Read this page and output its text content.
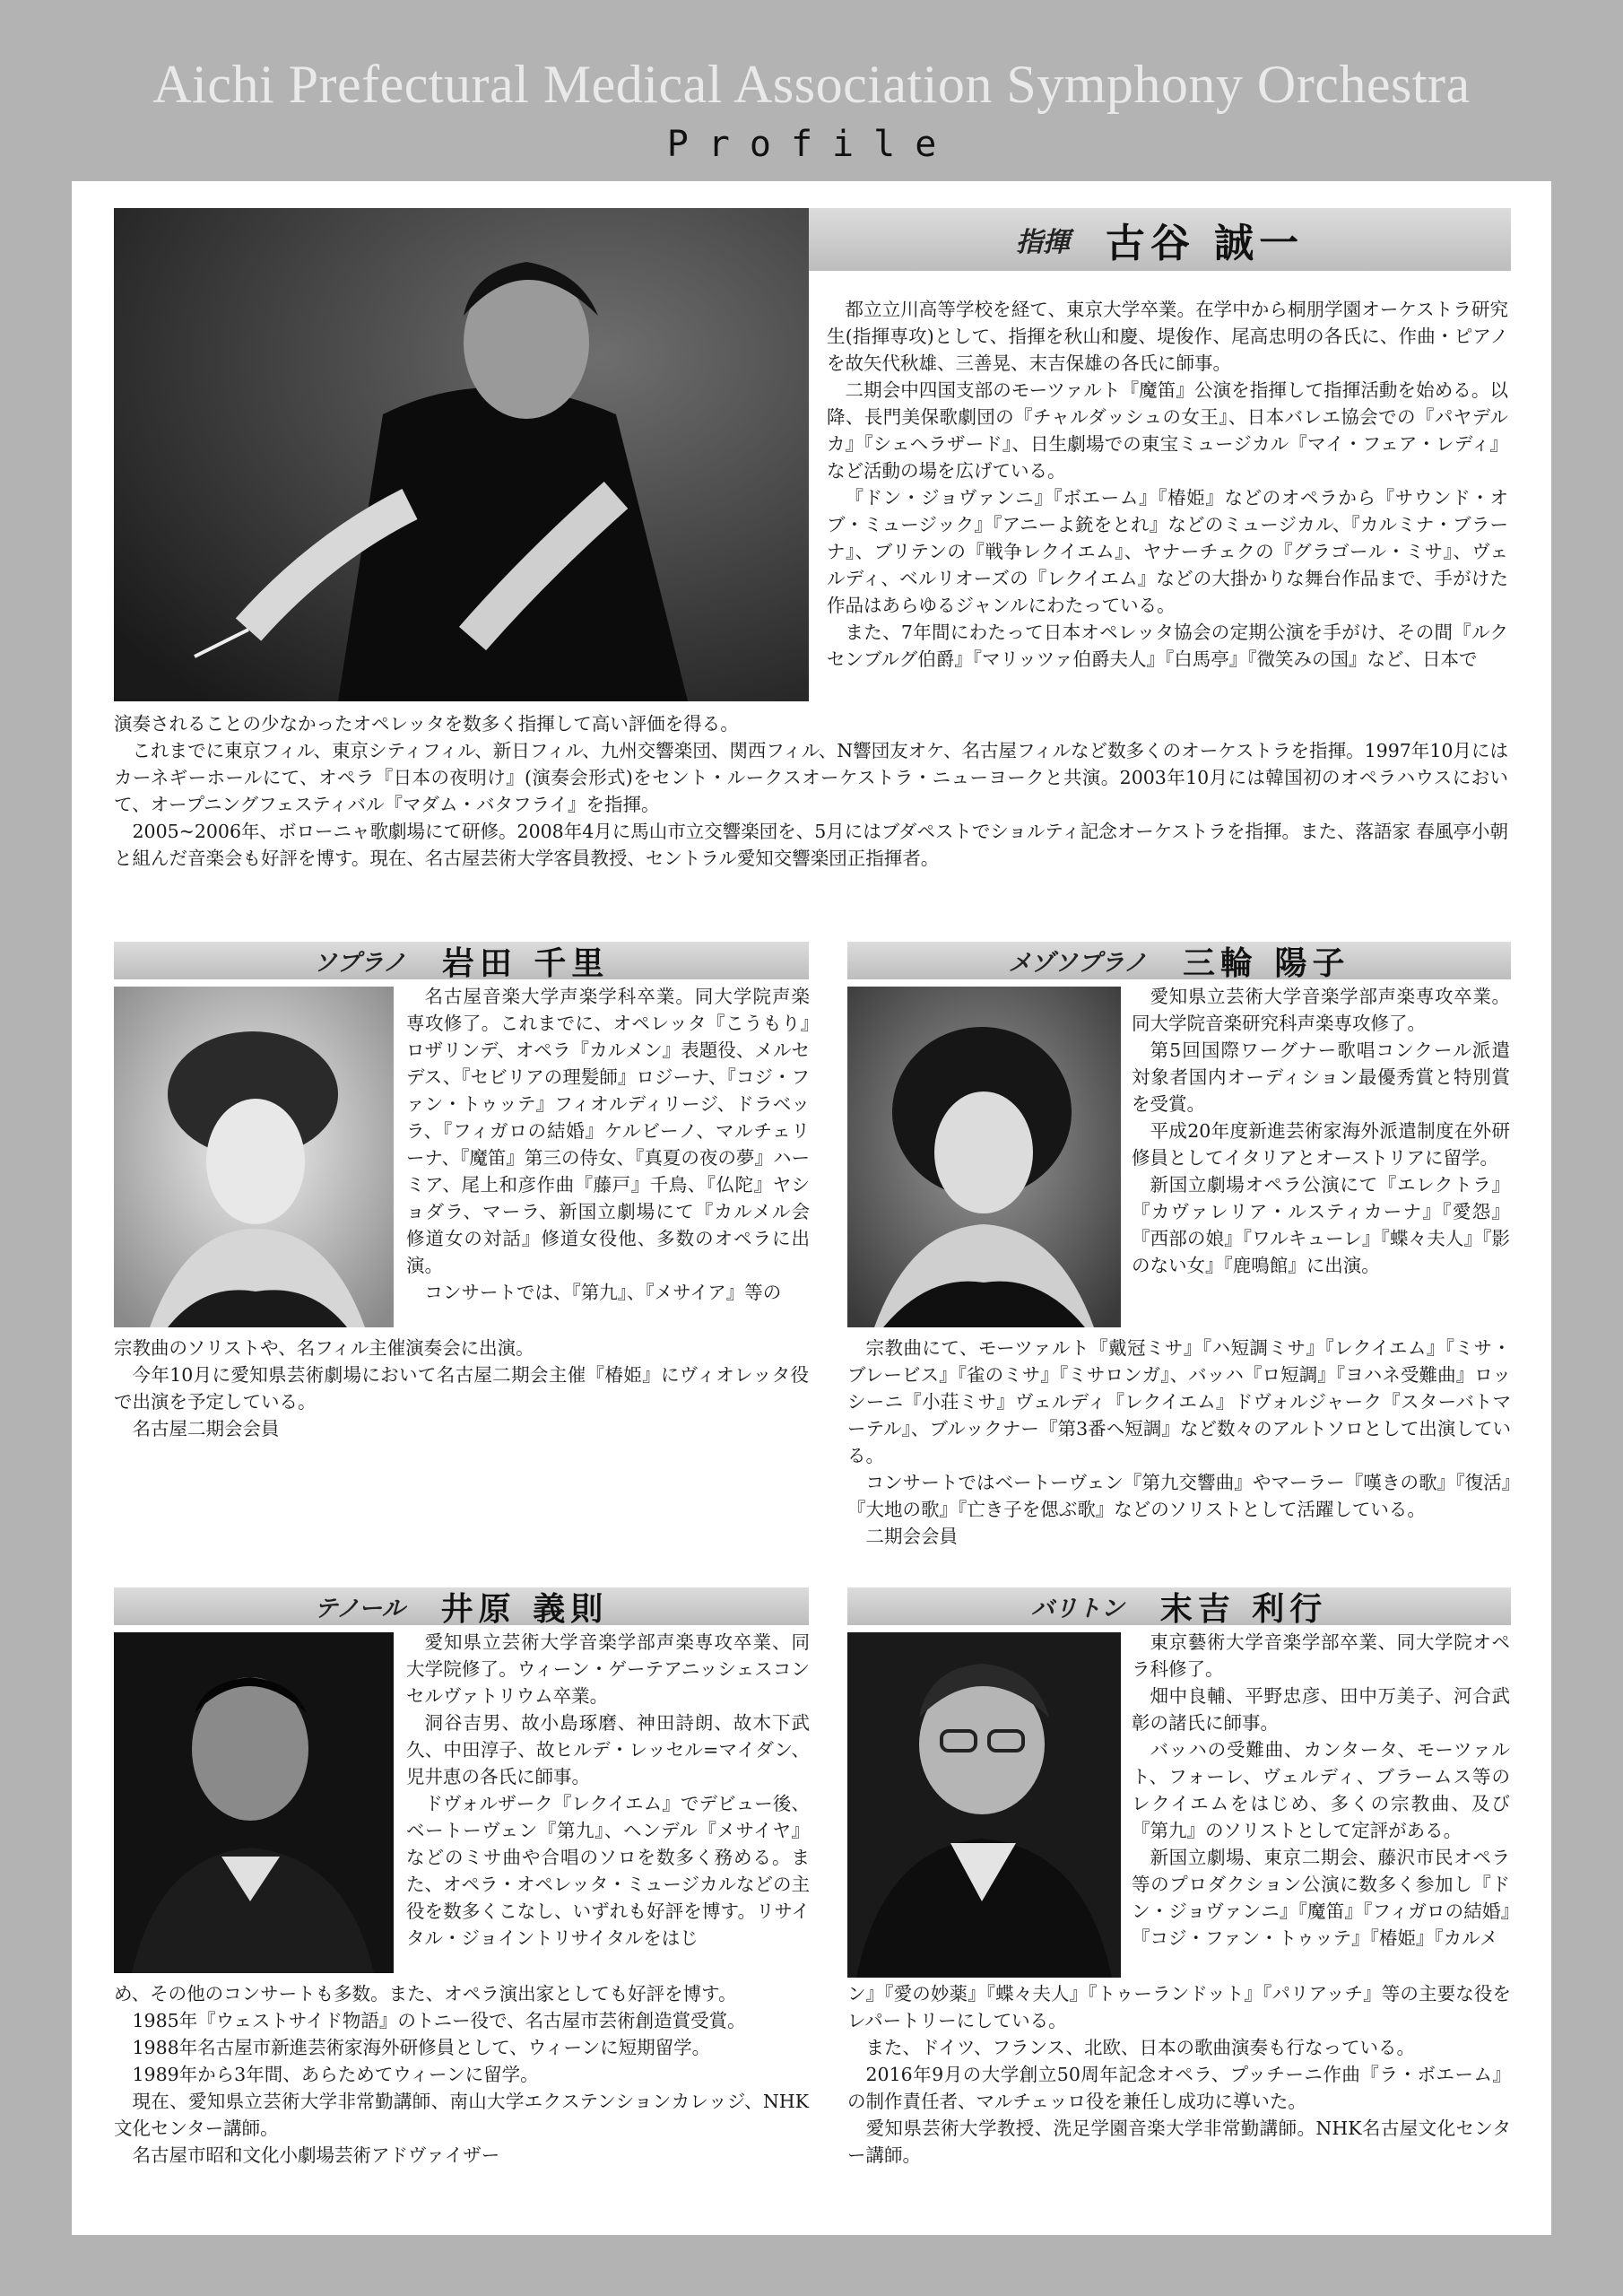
Aichi Prefectural Medical Association Symphony Orchestra
Profile
指揮 古谷 誠一

都立立川高等学校を経て、東京大学卒業。在学中から桐朋学園オーケストラ研究生(指揮専攻)として、指揮を秋山和慶、堤俊作、尾高忠明の各氏に、作曲・ピアノを故矢代秋雄、三善晃、末吉保雄の各氏に師事。

二期会中四国支部のモーツァルト『魔笛』公演を指揮して指揮活動を始める。以降、長門美保歌劇団の『チャルダッシュの女王』、日本バレエ協会での『パヤデルカ』『シェヘラザード』、日生劇場での東宝ミュージカル『マイ・フェア・レディ』など活動の場を広げている。

『ドン・ジョヴァンニ』『ボエーム』『椿姫』などのオペラから『サウンド・オブ・ミュージック』『アニーよ銃をとれ』などのミュージカル、『カルミナ・ブラーナ』、ブリテンの『戦争レクイエム』、ヤナーチェクの『グラゴール・ミサ』、ヴェルディ、ベルリオーズの『レクイエム』などの大掛かりな舞台作品まで、手がけた作品はあらゆるジャンルにわたっている。

また、7年間にわたって日本オペレッタ協会の定期公演を手がけ、その間『ルクセンブルグ伯爵』『マリッツァ伯爵夫人』『白馬亭』『微笑みの国』など、日本で

演奏されることの少なかったオペレッタを数多く指揮して高い評価を得る。

これまでに東京フィル、東京シティフィル、新日フィル、九州交響楽団、関西フィル、N響団友オケ、名古屋フィルなど数多くのオーケストラを指揮。1997年10月にはカーネギーホールにて、オペラ『日本の夜明け』(演奏会形式)をセント・ルークスオーケストラ・ニューヨークと共演。2003年10月には韓国初のオペラハウスにおいて、オープニングフェスティバル『マダム・バタフライ』を指揮。

2005~2006年、ボローニャ歌劇場にて研修。2008年4月に馬山市立交響楽団を、5月にはブダペストでショルティ記念オーケストラを指揮。また、落語家 春風亭小朝と組んだ音楽会も好評を博す。現在、名古屋芸術大学客員教授、セントラル愛知交響楽団正指揮者。

ソプラノ 岩田 千里

名古屋音楽大学声楽学科卒業。同大学院声楽専攻修了。これまでに、オペレッタ『こうもり』ロザリンデ、オペラ『カルメン』表題役、メルセデス、『セビリアの理髪師』ロジーナ、『コジ・ファン・トゥッテ』フィオルディリージ、ドラベッラ、『フィガロの結婚』ケルビーノ、マルチェリーナ、『魔笛』第三の侍女、『真夏の夜の夢』ハーミア、尾上和彦作曲『藤戸』千鳥、『仏陀』ヤショダラ、マーラ、新国立劇場にて『カルメル会 修道女の対話』修道女役他、多数のオペラに出演。

コンサートでは、『第九』、『メサイア』等の

宗教曲のソリストや、名フィル主催演奏会に出演。

今年10月に愛知県芸術劇場において名古屋二期会主催『椿姫』にヴィオレッタ役で出演を予定している。

名古屋二期会会員

メゾソプラノ 三輪 陽子

愛知県立芸術大学音楽学部声楽専攻卒業。同大学院音楽研究科声楽専攻修了。

第5回国際ワーグナー歌唱コンクール派遣対象者国内オーディション最優秀賞と特別賞を受賞。

平成20年度新進芸術家海外派遣制度在外研修員としてイタリアとオーストリアに留学。

新国立劇場オペラ公演にて『エレクトラ』『カヴァレリア・ルスティカーナ』『愛怨』『西部の娘』『ワルキューレ』『蝶々夫人』『影のない女』『鹿鳴館』に出演。

宗教曲にて、モーツァルト『戴冠ミサ』『ハ短調ミサ』『レクイエム』『ミサ・ブレービス』『雀のミサ』『ミサロンガ』、バッハ『ロ短調』『ヨハネ受難曲』ロッシーニ『小荘ミサ』ヴェルディ『レクイエム』ドヴォルジャーク『スターバトマーテル』、ブルックナー『第3番ヘ短調』など数々のアルトソロとして出演している。

コンサートではベートーヴェン『第九交響曲』やマーラー『嘆きの歌』『復活』『大地の歌』『亡き子を偲ぶ歌』などのソリストとして活躍している。

二期会会員

テノール 井原 義則

愛知県立芸術大学音楽学部声楽専攻卒業、同大学院修了。ウィーン・ゲーテアニッシェスコンセルヴァトリウム卒業。

洞谷吉男、故小島琢磨、神田詩朗、故木下武久、中田淳子、故ヒルデ・レッセル=マイダン、児井恵の各氏に師事。

ドヴォルザーク『レクイエム』でデビュー後、ベートーヴェン『第九』、ヘンデル『メサイヤ』などのミサ曲や合唱のソロを数多く務める。また、オペラ・オペレッタ・ミュージカルなどの主役を数多くこなし、いずれも好評を博す。リサイタル・ジョイントリサイタルをはじ

め、その他のコンサートも多数。また、オペラ演出家としても好評を博す。

1985年『ウェストサイド物語』のトニー役で、名古屋市芸術創造賞受賞。

1988年名古屋市新進芸術家海外研修員として、ウィーンに短期留学。

1989年から3年間、あらためてウィーンに留学。

現在、愛知県立芸術大学非常勤講師、南山大学エクステンションカレッジ、NHK文化センター講師。

名古屋市昭和文化小劇場芸術アドヴァイザー

バリトン 末吉 利行

東京藝術大学音楽学部卒業、同大学院オペラ科修了。

畑中良輔、平野忠彦、田中万美子、河合武彰の諸氏に師事。

バッハの受難曲、カンタータ、モーツァルト、フォーレ、ヴェルディ、ブラームス等のレクイエムをはじめ、多くの宗教曲、及び『第九』のソリストとして定評がある。

新国立劇場、東京二期会、藤沢市民オペラ等のプロダクション公演に数多く参加し『ドン・ジョヴァンニ』『魔笛』『フィガロの結婚』『コジ・ファン・トゥッテ』『椿姫』『カルメ

ン』『愛の妙薬』『蝶々夫人』『トゥーランドット』『パリアッチ』等の主要な役をレパートリーにしている。

また、ドイツ、フランス、北欧、日本の歌曲演奏も行なっている。

2016年9月の大学創立50周年記念オペラ、プッチーニ作曲『ラ・ボエーム』の制作責任者、マルチェッロ役を兼任し成功に導いた。

愛知県芸術大学教授、洗足学園音楽大学非常勤講師。NHK名古屋文化センター講師。
